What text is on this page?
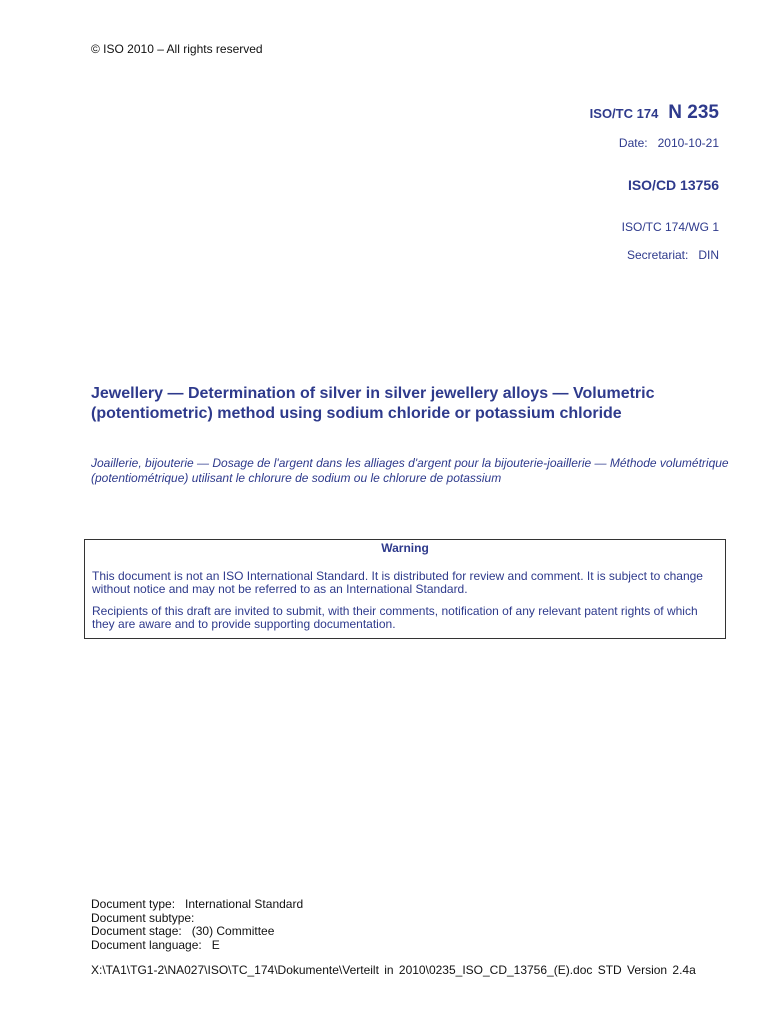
© ISO 2010 – All rights reserved
ISO/TC 174 N 235
Date: 2010-10-21
ISO/CD 13756
ISO/TC 174/WG 1
Secretariat: DIN
Jewellery — Determination of silver in silver jewellery alloys — Volumetric (potentiometric) method using sodium chloride or potassium chloride
Joaillerie, bijouterie — Dosage de l'argent dans les alliages d'argent pour la bijouterie-joaillerie — Méthode volumétrique (potentiométrique) utilisant le chlorure de sodium ou le chlorure de potassium
Warning

This document is not an ISO International Standard. It is distributed for review and comment. It is subject to change without notice and may not be referred to as an International Standard.

Recipients of this draft are invited to submit, with their comments, notification of any relevant patent rights of which they are aware and to provide supporting documentation.

Document type: International Standard
Document subtype:
Document stage: (30) Committee
Document language: E
X:\TA1\TG1-2\NA027\ISO\TC_174\Dokumente\Verteilt in 2010\0235_ISO_CD_13756_(E).doc STD Version 2.4a
